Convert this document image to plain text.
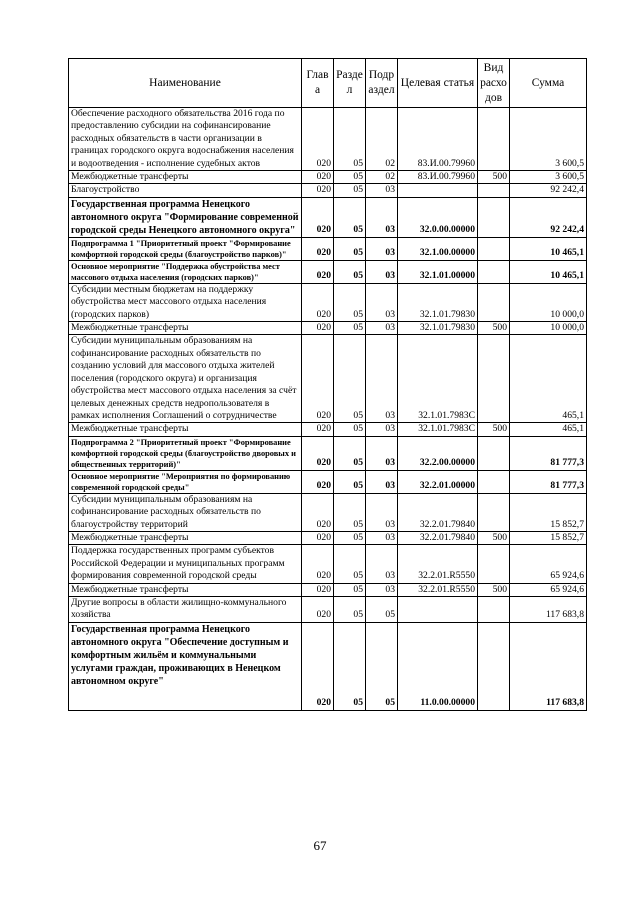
Наименование	Глав а	Разде л	Подр аздел	Целевая статья	Вид расхо дов	Сумма
Обеспечение расходного обязательства 2016 года по предоставлению субсидии на софинансирование расходных обязательств в части организации в границах городского округа водоснабжения населения и водоотведения - исполнение судебных актов	020	05	02	83.И.00.79960		3 600,5
Межбюджетные трансферты	020	05	02	83.И.00.79960	500	3 600,5
Благоустройство	020	05	03			92 242,4
Государственная программа Ненецкого автономного округа "Формирование современной городской среды Ненецкого автономного округа"	020	05	03	32.0.00.00000		92 242,4
Подпрограмма 1 "Приоритетный проект "Формирование комфортной городской среды (благоустройство парков)"	020	05	03	32.1.00.00000		10 465,1
Основное мероприятие "Поддержка обустройства мест массового отдыха населения (городских парков)"	020	05	03	32.1.01.00000		10 465,1
Субсидии местным бюджетам на поддержку обустройства мест массового отдыха населения (городских парков)	020	05	03	32.1.01.79830		10 000,0
Межбюджетные трансферты	020	05	03	32.1.01.79830	500	10 000,0
Субсидии муниципальным образованиям на софинансирование расходных обязательств по созданию условий для массового отдыха жителей поселения (городского округа) и организация обустройства мест массового отдыха населения за счёт целевых денежных средств недропользователя в рамках исполнения Соглашений о сотрудничестве	020	05	03	32.1.01.7983С		465,1
Межбюджетные трансферты	020	05	03	32.1.01.7983С	500	465,1
Подпрограмма 2 "Приоритетный проект "Формирование комфортной городской среды (благоустройство дворовых и общественных территорий)"	020	05	03	32.2.00.00000		81 777,3
Основное мероприятие "Мероприятия по формированию современной городской среды"	020	05	03	32.2.01.00000		81 777,3
Субсидии муниципальным образованиям на софинансирование расходных обязательств по благоустройству территорий	020	05	03	32.2.01.79840		15 852,7
Межбюджетные трансферты	020	05	03	32.2.01.79840	500	15 852,7
Поддержка государственных программ субъектов Российской Федерации и муниципальных программ формирования современной городской среды	020	05	03	32.2.01.R5550		65 924,6
Межбюджетные трансферты	020	05	03	32.2.01.R5550	500	65 924,6
Другие вопросы в области жилищно-коммунального хозяйства	020	05	05			117 683,8
Государственная программа Ненецкого автономного округа "Обеспечение доступным и комфортным жильём и коммунальными услугами граждан, проживающих в Ненецком автономном округе"	020	05	05	11.0.00.00000		117 683,8
67
